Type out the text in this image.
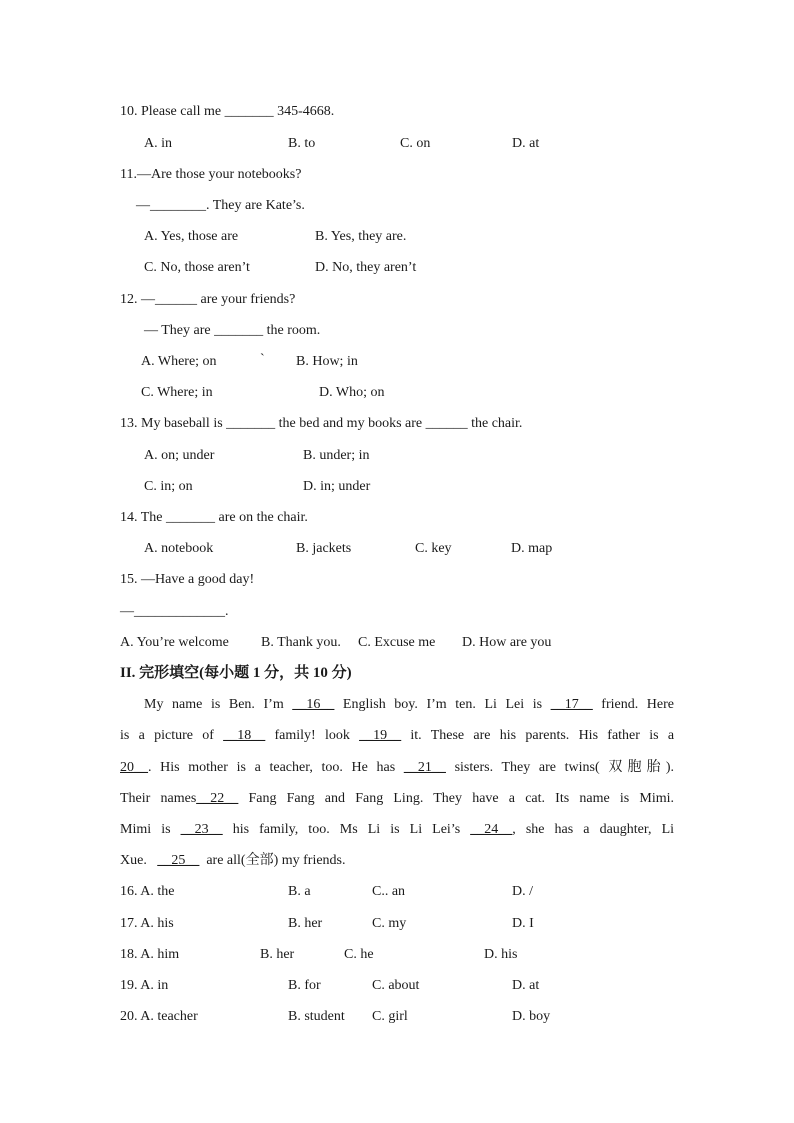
10. Please call me _______ 345-4668.
A. in	B. to	C. on	D. at
11.—Are those your notebooks?
—________. They are Kate’s.
A. Yes, those are	B. Yes, they are.
C. No, those aren’t	D. No, they aren’t
12. —______ are your friends?
— They are _______ the room.
A. Where; on	` B. How; in
C. Where; in	D. Who; on
13. My baseball is _______ the bed and my books are ______ the chair.
A. on; under	B. under; in
C. in; on	D. in; under
14. The _______ are on the chair.
A. notebook	B. jackets	C. key	D. map
15. —Have a good day!
—_____________.
A. You’re welcome B. Thank you. C. Excuse me D. How are you
II. 完形填空(每小题 1 分，共 10 分)
My name is Ben. I’m __16__ English boy. I’m ten. Li Lei is __17__ friend. Here
is a picture of __18__ family! look __19__ it. These are his parents. His father is a
20__. His mother is a teacher, too. He has __21__ sisters. They are twins( 双胞胎).
Their names__22__ Fang Fang and Fang Ling. They have a cat. Its name is Mimi.
Mimi is __23__ his family, too. Ms Li is Li Lei’s __24__, she has a daughter, Li
Xue. __25__ are all(全部) my friends.
16. A. the	B. a	C.. an	D. /
17. A. his	B. her	C. my	D. I
18. A. him	B. her	C. he	D. his
19. A. in	B. for	C. about	D. at
20. A. teacher	B. student C. girl	D. boy
